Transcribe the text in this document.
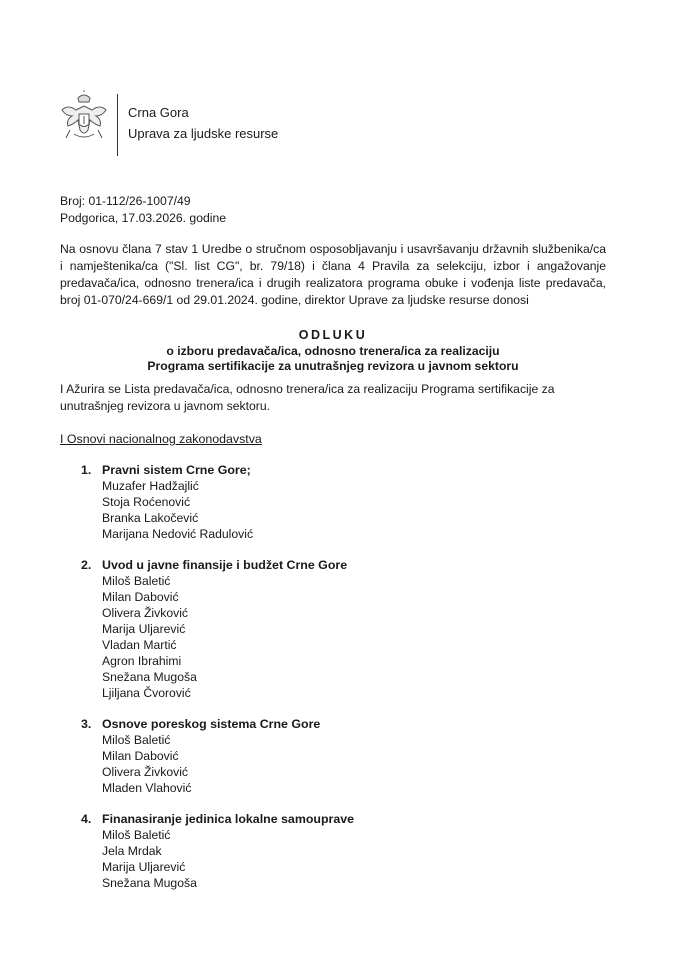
Crna Gora
Uprava za ljudske resurse
Broj: 01-112/26-1007/49
Podgorica, 17.03.2026. godine
Na osnovu člana 7 stav 1 Uredbe o stručnom osposobljavanju i usavršavanju državnih službenika/ca i namještenika/ca ("Sl. list CG", br. 79/18) i člana 4 Pravila za selekciju, izbor i angažovanje predavača/ica, odnosno trenera/ica i drugih realizatora programa obuke i vođenja liste predavača, broj 01-070/24-669/1 od 29.01.2024. godine, direktor Uprave za ljudske resurse donosi
ODLUKU
o izboru predavača/ica, odnosno trenera/ica za realizaciju
Programa sertifikacije za unutrašnjeg revizora u javnom sektoru
I Ažurira se Lista predavača/ica, odnosno trenera/ica za realizaciju Programa sertifikacije za unutrašnjeg revizora u javnom sektoru.
I Osnovi nacionalnog zakonodavstva
1. Pravni sistem Crne Gore;
Muzafer Hadžajlić
Stoja Roćenović
Branka Lakočević
Marijana Nedović Radulović
2. Uvod u javne finansije i budžet Crne Gore
Miloš Baletić
Milan Dabović
Olivera Živković
Marija Uljarević
Vladan Martić
Agron Ibrahimi
Snežana Mugoša
Ljiljana Čvorović
3. Osnove poreskog sistema Crne Gore
Miloš Baletić
Milan Dabović
Olivera Živković
Mladen Vlahović
4. Finanasiranje jedinica lokalne samouprave
Miloš Baletić
Jela Mrdak
Marija Uljarević
Snežana Mugoša
